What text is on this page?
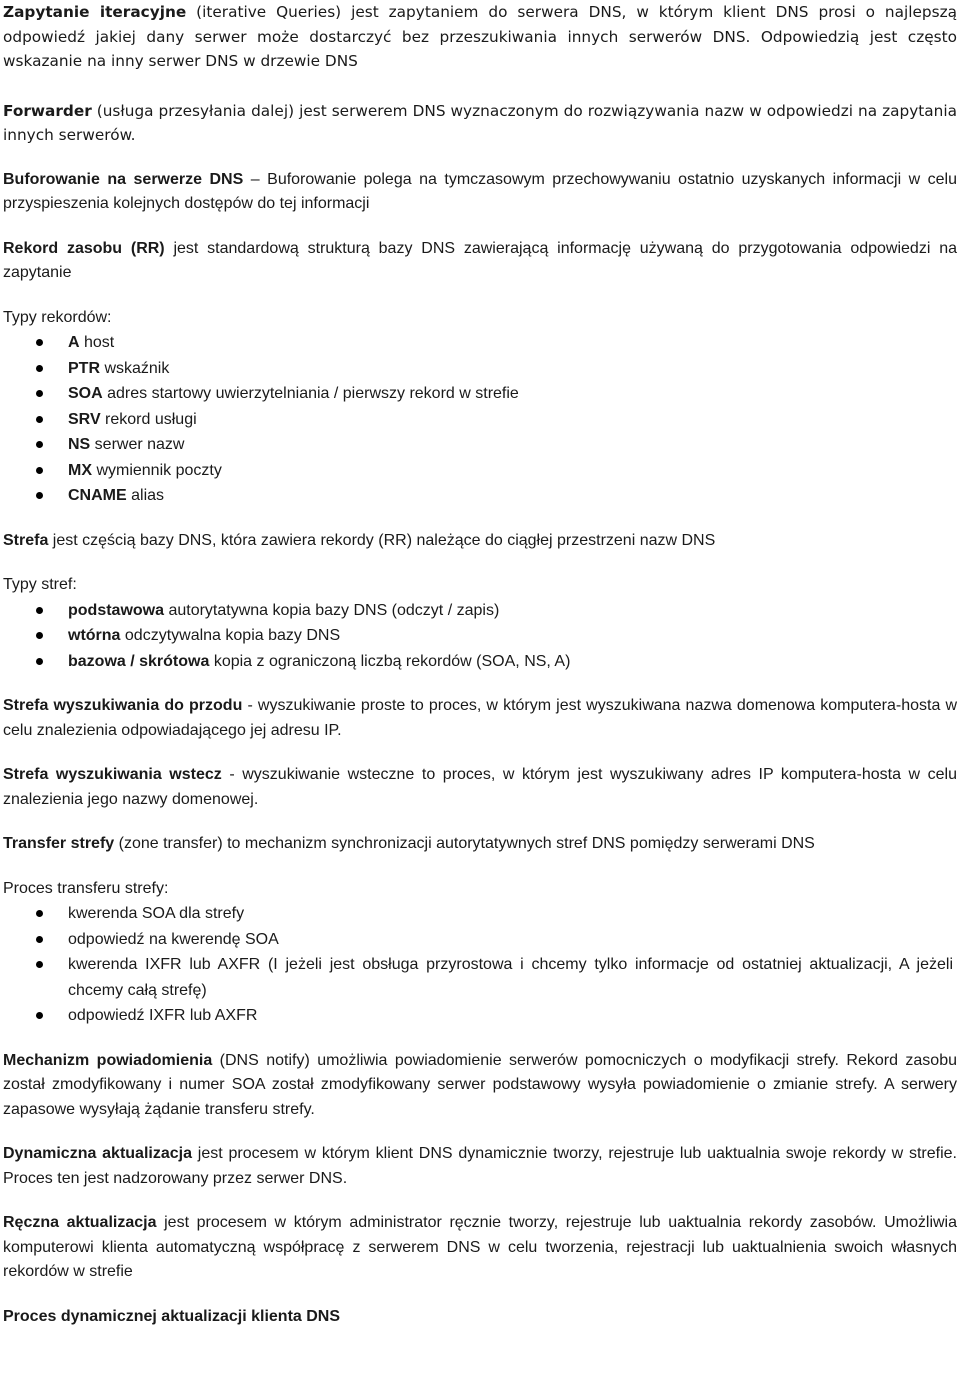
Zapytanie iteracyjne (iterative Queries) jest zapytaniem do serwera DNS, w którym klient DNS prosi o najlepszą odpowiedź jakiej dany serwer może dostarczyć bez przeszukiwania innych serwerów DNS. Odpowiedzią jest często wskazanie na inny serwer DNS w drzewie DNS

Forwarder (usługa przesyłania dalej) jest serwerem DNS wyznaczonym do rozwiązywania nazw w odpowiedzi na zapytania innych serwerów.

Buforowanie na serwerze DNS – Buforowanie polega na tymczasowym przechowywaniu ostatnio uzyskanych informacji w celu przyspieszenia kolejnych dostępów do tej informacji

Rekord zasobu (RR) jest standardową strukturą bazy DNS zawierającą informację używaną do przygotowania odpowiedzi na zapytanie

Typy rekordów:

A host
PTR wskaźnik
SOA adres startowy uwierzytelniania / pierwszy rekord w strefie
SRV rekord usługi
NS serwer nazw
MX wymiennik poczty
CNAME alias

Strefa jest częścią bazy DNS, która zawiera rekordy (RR) należące do ciągłej przestrzeni nazw DNS

Typy stref:

podstawowa autorytatywna kopia bazy DNS (odczyt / zapis)
wtórna odczytywalna kopia bazy DNS
bazowa / skrótowa kopia z ograniczoną liczbą rekordów (SOA, NS, A)

Strefa wyszukiwania do przodu - wyszukiwanie proste to proces, w którym jest wyszukiwana nazwa domenowa komputera-hosta w celu znalezienia odpowiadającego jej adresu IP.

Strefa wyszukiwania wstecz - wyszukiwanie wsteczne to proces, w którym jest wyszukiwany adres IP komputera-hosta w celu znalezienia jego nazwy domenowej.

Transfer strefy (zone transfer) to mechanizm synchronizacji autorytatywnych stref DNS pomiędzy serwerami DNS

Proces transferu strefy:

kwerenda SOA dla strefy
odpowiedź na kwerendę SOA
kwerenda IXFR lub AXFR (I jeżeli jest obsługa przyrostowa i chcemy tylko informacje od ostatniej aktualizacji, A jeżeli chcemy całą strefę)
odpowiedź IXFR lub AXFR

Mechanizm powiadomienia (DNS notify) umożliwia powiadomienie serwerów pomocniczych o modyfikacji strefy. Rekord zasobu został zmodyfikowany i numer SOA został zmodyfikowany serwer podstawowy wysyła powiadomienie o zmianie strefy. A serwery zapasowe wysyłają żądanie transferu strefy.

Dynamiczna aktualizacja jest procesem w którym klient DNS dynamicznie tworzy, rejestruje lub uaktualnia swoje rekordy w strefie. Proces ten jest nadzorowany przez serwer DNS.

Ręczna aktualizacja jest procesem w którym administrator ręcznie tworzy, rejestruje lub uaktualnia rekordy zasobów. Umożliwia komputerowi klienta automatyczną współpracę z serwerem DNS w celu tworzenia, rejestracji lub uaktualnienia swoich własnych rekordów w strefie

Proces dynamicznej aktualizacji klienta DNS
